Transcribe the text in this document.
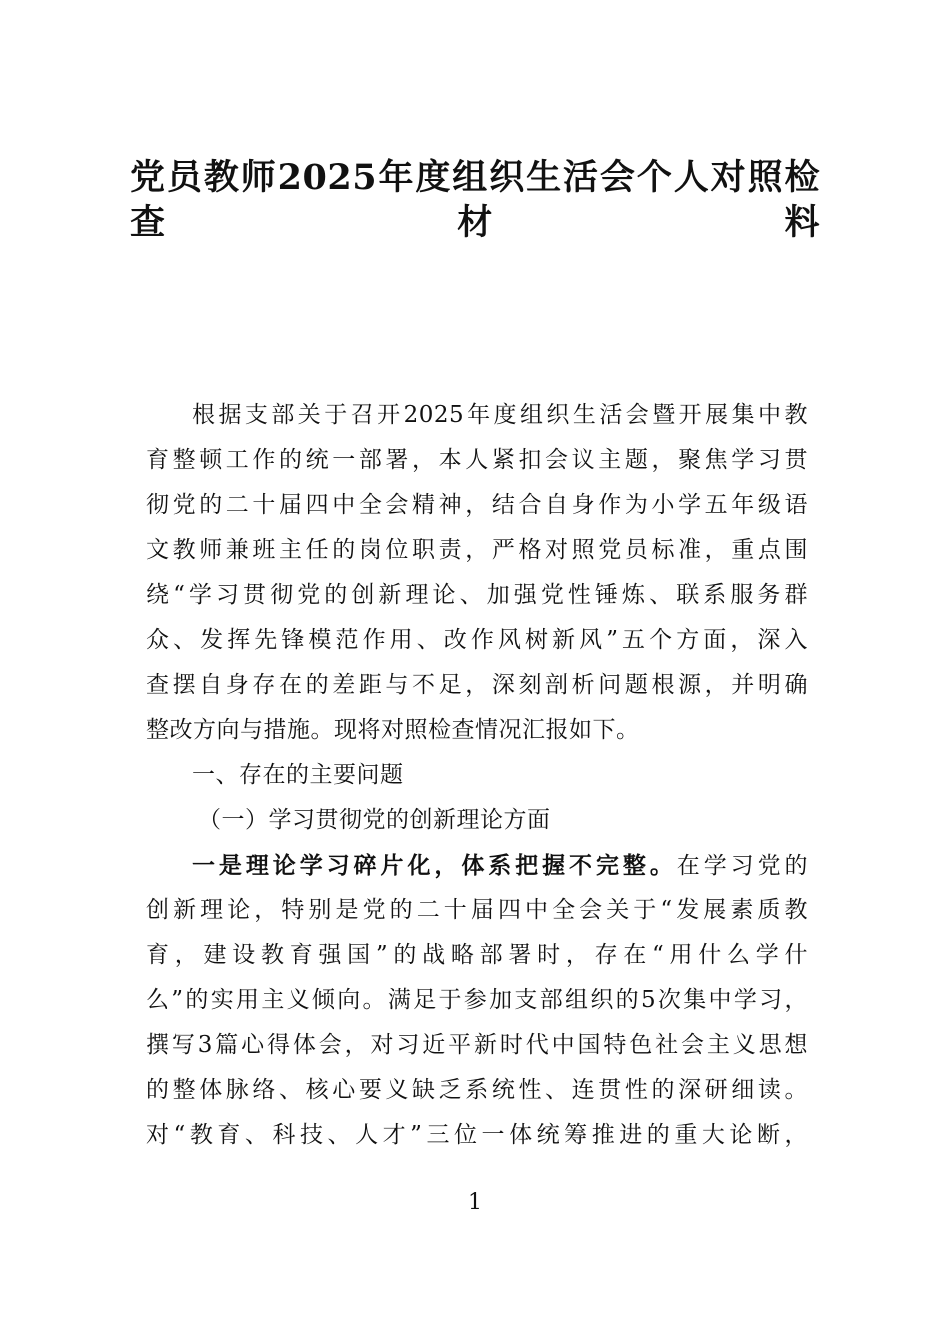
党员教师2025年度组织生活会个人对照检
查材料
根据支部关于召开2025年度组织生活会暨开展集中教
育整顿工作的统一部署，本人紧扣会议主题，聚焦学习贯
彻党的二十届四中全会精神，结合自身作为小学五年级语
文教师兼班主任的岗位职责，严格对照党员标准，重点围
绕“学习贯彻党的创新理论、加强党性锤炼、联系服务群
众、发挥先锋模范作用、改作风树新风”五个方面，深入
查摆自身存在的差距与不足，深刻剖析问题根源，并明确
整改方向与措施。现将对照检查情况汇报如下。
一、存在的主要问题
（一）学习贯彻党的创新理论方面
一是理论学习碎片化，体系把握不完整。在学习党的
创新理论，特别是党的二十届四中全会关于“发展素质教
育，建设教育强国”的战略部署时，存在“用什么学什
么”的实用主义倾向。满足于参加支部组织的5次集中学习，
撰写3篇心得体会，对习近平新时代中国特色社会主义思想
的整体脉络、核心要义缺乏系统性、连贯性的深研细读。
对“教育、科技、人才”三位一体统筹推进的重大论断，
1
